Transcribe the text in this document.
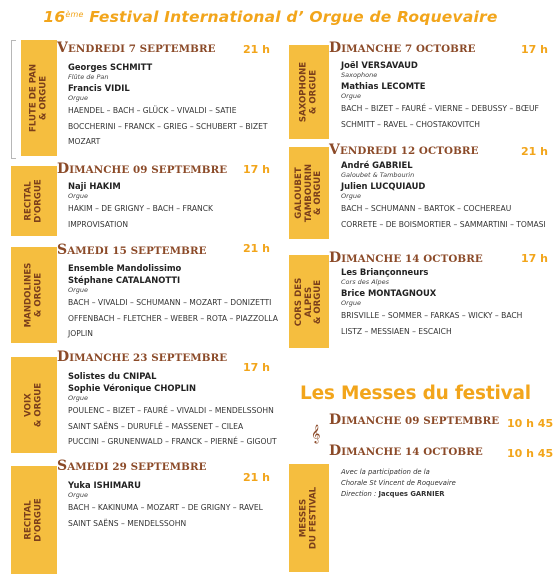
16ème Festival International d’ Orgue de Roquevaire
FLUTE DE PAN & ORGUE
VENDREDI 7 SEPTEMBRE 21 h
Georges SCHMITT
Flûte de Pan
Francis VIDIL
Orgue
HAENDEL – BACH – GLÜCK – VIVALDI – SATIE
BOCCHERINI – FRANCK – GRIEG – SCHUBERT – BIZET
MOZART
RECITAL D'ORGUE
DIMANCHE 09 SEPTEMBRE 17 h
Naji HAKIM
Orgue
HAKIM – DE GRIGNY – BACH – FRANCK
IMPROVISATION
MANDOLINES & ORGUE
SAMEDI 15 SEPTEMBRE	21 h
Ensemble Mandolissimo
Stéphane CATALANOTTI
Orgue
BACH – VIVALDI – SCHUMANN – MOZART – DONIZETTI
OFFENBACH – FLETCHER – WEBER – ROTA – PIAZZOLLA
JOPLIN
VOIX & ORGUE
DIMANCHE 23 SEPTEMBRE
17 h
Solistes du CNIPAL
Sophie Véronique CHOPLIN
Orgue
POULENC – BIZET – FAURÉ – VIVALDI – MENDELSSOHN
SAINT SAËNS – DURUFLÉ – MASSENET – CILEA
PUCCINI – GRUNENWALD – FRANCK – PIERNÉ – GIGOUT
RECITAL D'ORGUE
SAMEDI 29 SEPTEMBRE
21 h
Yuka ISHIMARU
Orgue
BACH – KAKINUMA – MOZART – DE GRIGNY – RAVEL
SAINT SAËNS – MENDELSSOHN
SAXOPHONE & ORGUE
DIMANCHE 7 OCTOBRE	17 h
Joël VERSAVAUD
Saxophone
Mathias LECOMTE
Orgue
BACH – BIZET – FAURÉ – VIERNE – DEBUSSY – BŒUF
SCHMITT – RAVEL – CHOSTAKOVITCH
GALOUBET TAMBOURIN & ORGUE
VENDREDI 12 OCTOBRE	21 h
André GABRIEL
Galoubet & Tambourin
Julien LUCQUIAUD
Orgue
BACH – SCHUMANN – BARTOK – COCHEREAU
CORRETE – DE BOISMORTIER – SAMMARTINI – TOMASI
CORS DES ALPES & ORGUE
DIMANCHE 14 OCTOBRE	17 h
Les Briançonneurs
Cors des Alpes
Brice MONTAGNOUX
Orgue
BRISVILLE – SOMMER – FARKAS – WICKY – BACH
LISTZ – MESSIAEN – ESCAICH
Les Messes du festival
𝄞
DIMANCHE 09 SEPTEMBRE 10 h 45
DIMANCHE 14 OCTOBRE 10 h 45
MESSES DU FESTIVAL
Avec la participation de la
Chorale St Vincent de Roquevaire
Direction : Jacques GARNIER
